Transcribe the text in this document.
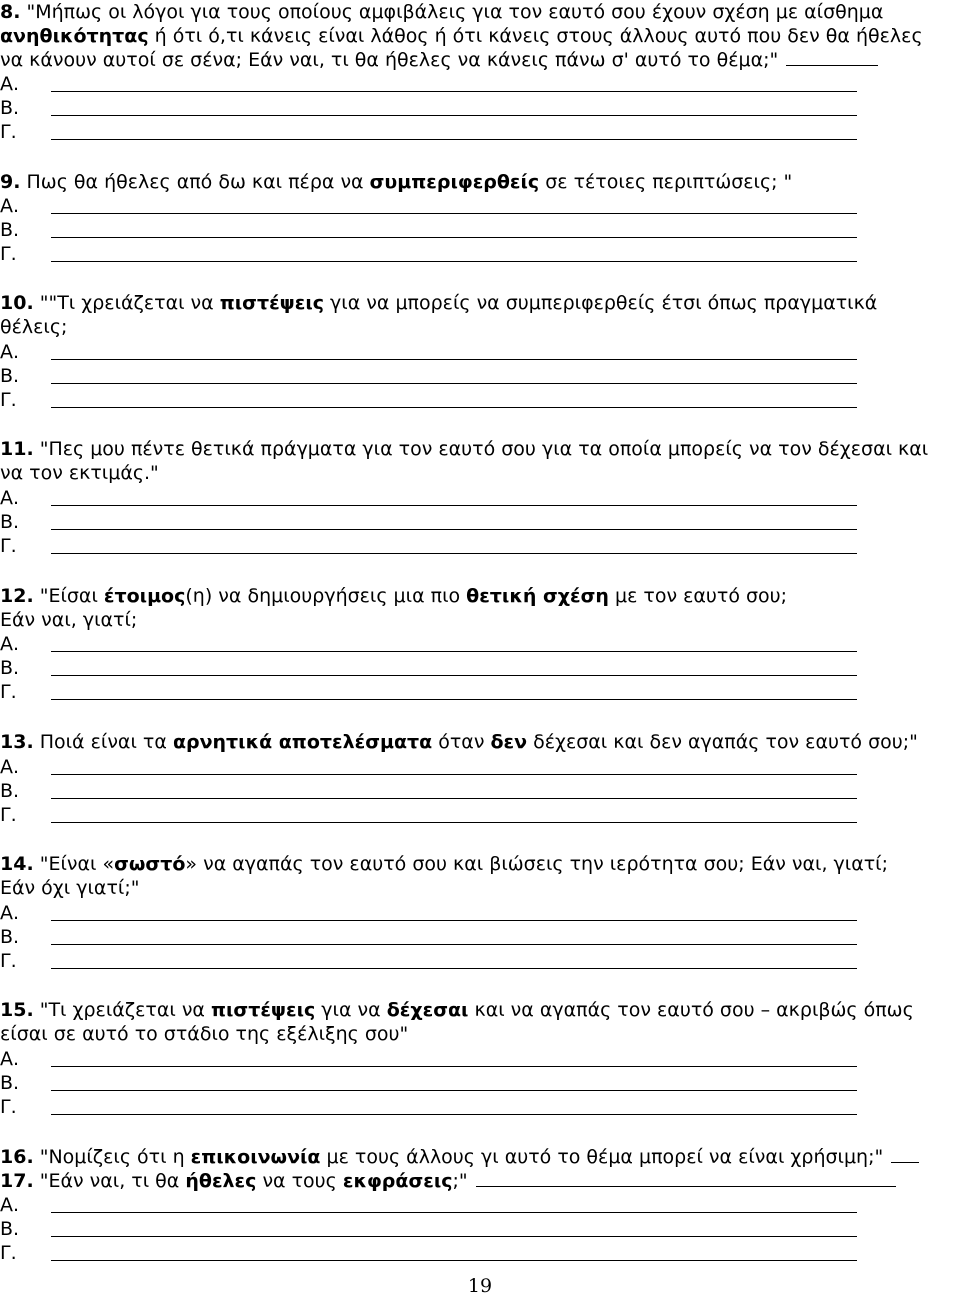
8. "Μήπως οι λόγοι για τους οποίους αμφιβάλεις για τον εαυτό σου έχουν σχέση με αίσθημα
ανηθικότητας ή ότι ό,τι κάνεις είναι λάθος ή ότι κάνεις στους άλλους αυτό που δεν θα ήθελες
να κάνουν αυτοί σε σένα; Εάν ναι, τι θα ήθελες να κάνεις πάνω σ' αυτό το θέμα;"
Α.
Β.
Γ.
9. Πως θα ήθελες από δω και πέρα να συμπεριφερθείς σε τέτοιες περιπτώσεις; "
Α.
Β.
Γ.
10. ""Τι χρειάζεται να πιστέψεις για να μπορείς να συμπεριφερθείς έτσι όπως πραγματικά
θέλεις;
Α.
Β.
Γ.
11. "Πες μου πέντε θετικά πράγματα για τον εαυτό σου για τα οποία μπορείς να τον δέχεσαι και
να τον εκτιμάς."
Α.
Β.
Γ.
12. "Είσαι έτοιμος(η) να δημιουργήσεις μια πιο θετική σχέση με τον εαυτό σου;
Εάν ναι, γιατί;
Α.
Β.
Γ.
13. Ποιά είναι τα αρνητικά αποτελέσματα όταν δεν δέχεσαι και δεν αγαπάς τον εαυτό σου;"
Α.
Β.
Γ.
14. "Είναι «σωστό» να αγαπάς τον εαυτό σου και βιώσεις την ιερότητα σου; Εάν ναι, γιατί;
Εάν όχι γιατί;"
Α.
Β.
Γ.
15. "Τι χρειάζεται να πιστέψεις για να δέχεσαι και να αγαπάς τον εαυτό σου – ακριβώς όπως
είσαι σε αυτό το στάδιο της εξέλιξης σου"
Α.
Β.
Γ.
16. "Νομίζεις ότι η επικοινωνία με τους άλλους γι αυτό το θέμα μπορεί να είναι χρήσιμη;"
17. "Εάν ναι, τι θα ήθελες να τους εκφράσεις;"
Α.
Β.
Γ.
19
